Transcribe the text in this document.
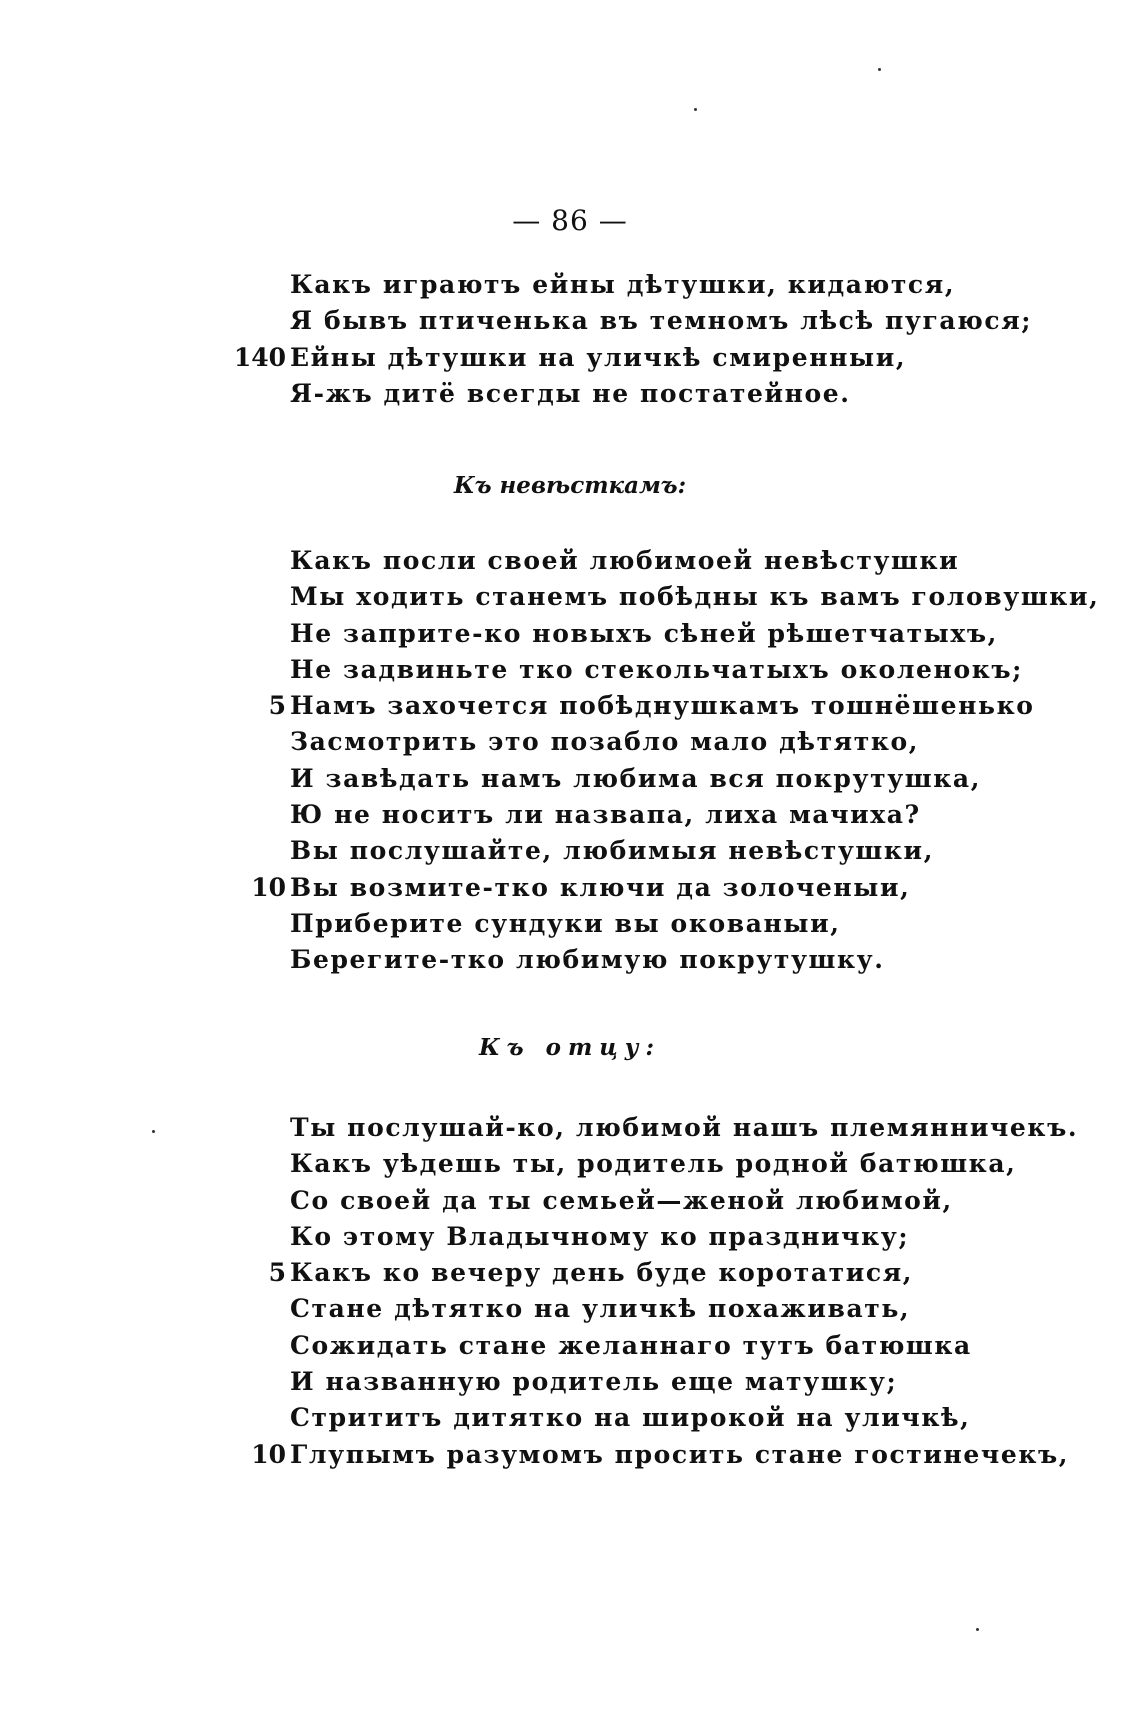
— 86 —
Какъ играютъ ейны дѣтушки, кидаются,
Я бывъ птиченька въ темномъ лѣсѣ пугаюся;
140 Ейны дѣтушки на уличкѣ смиренныи,
Я-жъ дитё всегды не постатейное.
Къ невѣсткамъ:
Какъ посли своей любимоей невѣстушки
Мы ходить станемъ побѣдны къ вамъ головушки,
Не заприте-ко новыхъ сѣней рѣшетчатыхъ,
Не задвиньте тко стекольчатыхъ околенокъ;
5 Намъ захочется побѣднушкамъ тошнёшенько
Засмотрить это позабло мало дѣтятко,
И завѣдать намъ любима вся покрутушка,
Ю не носитъ ли назвапа, лиха мачиха?
Вы послушайте, любимыя невѣстушки,
10 Вы возмите-тко ключи да золоченыи,
Приберите сундуки вы окованыи,
Берегите-тко любимую покрутушку.
Къ отцу:
Ты послушай-ко, любимой нашъ племянничекъ.
Какъ уѣдешь ты, родитель родной батюшка,
Со своей да ты семьей—женой любимой,
Ко этому Владычному ко праздничку;
5 Какъ ко вечеру день буде коротатися,
Стане дѣтятко на уличкѣ похаживать,
Сожидать стане желаннаго тутъ батюшка
И названную родитель еще матушку;
Стрититъ дитятко на широкой на уличкѣ,
10 Глупымъ разумомъ просить стане гостинечекъ,
